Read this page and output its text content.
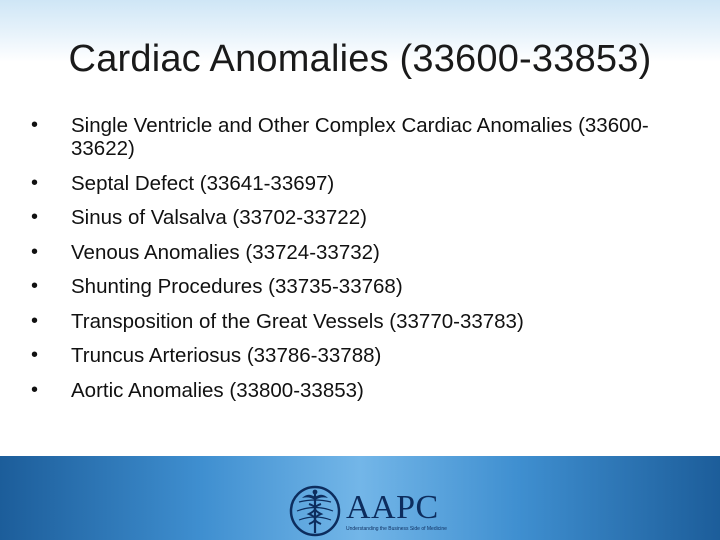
Cardiac Anomalies (33600-33853)
• Single Ventricle and Other Complex Cardiac Anomalies (33600-33622)
• Septal Defect (33641-33697)
• Sinus of Valsalva (33702-33722)
• Venous Anomalies (33724-33732)
• Shunting Procedures (33735-33768)
• Transposition of the Great Vessels (33770-33783)
• Truncus Arteriosus (33786-33788)
• Aortic Anomalies (33800-33853)
AAPC
Understanding the Business Side of Medicine
